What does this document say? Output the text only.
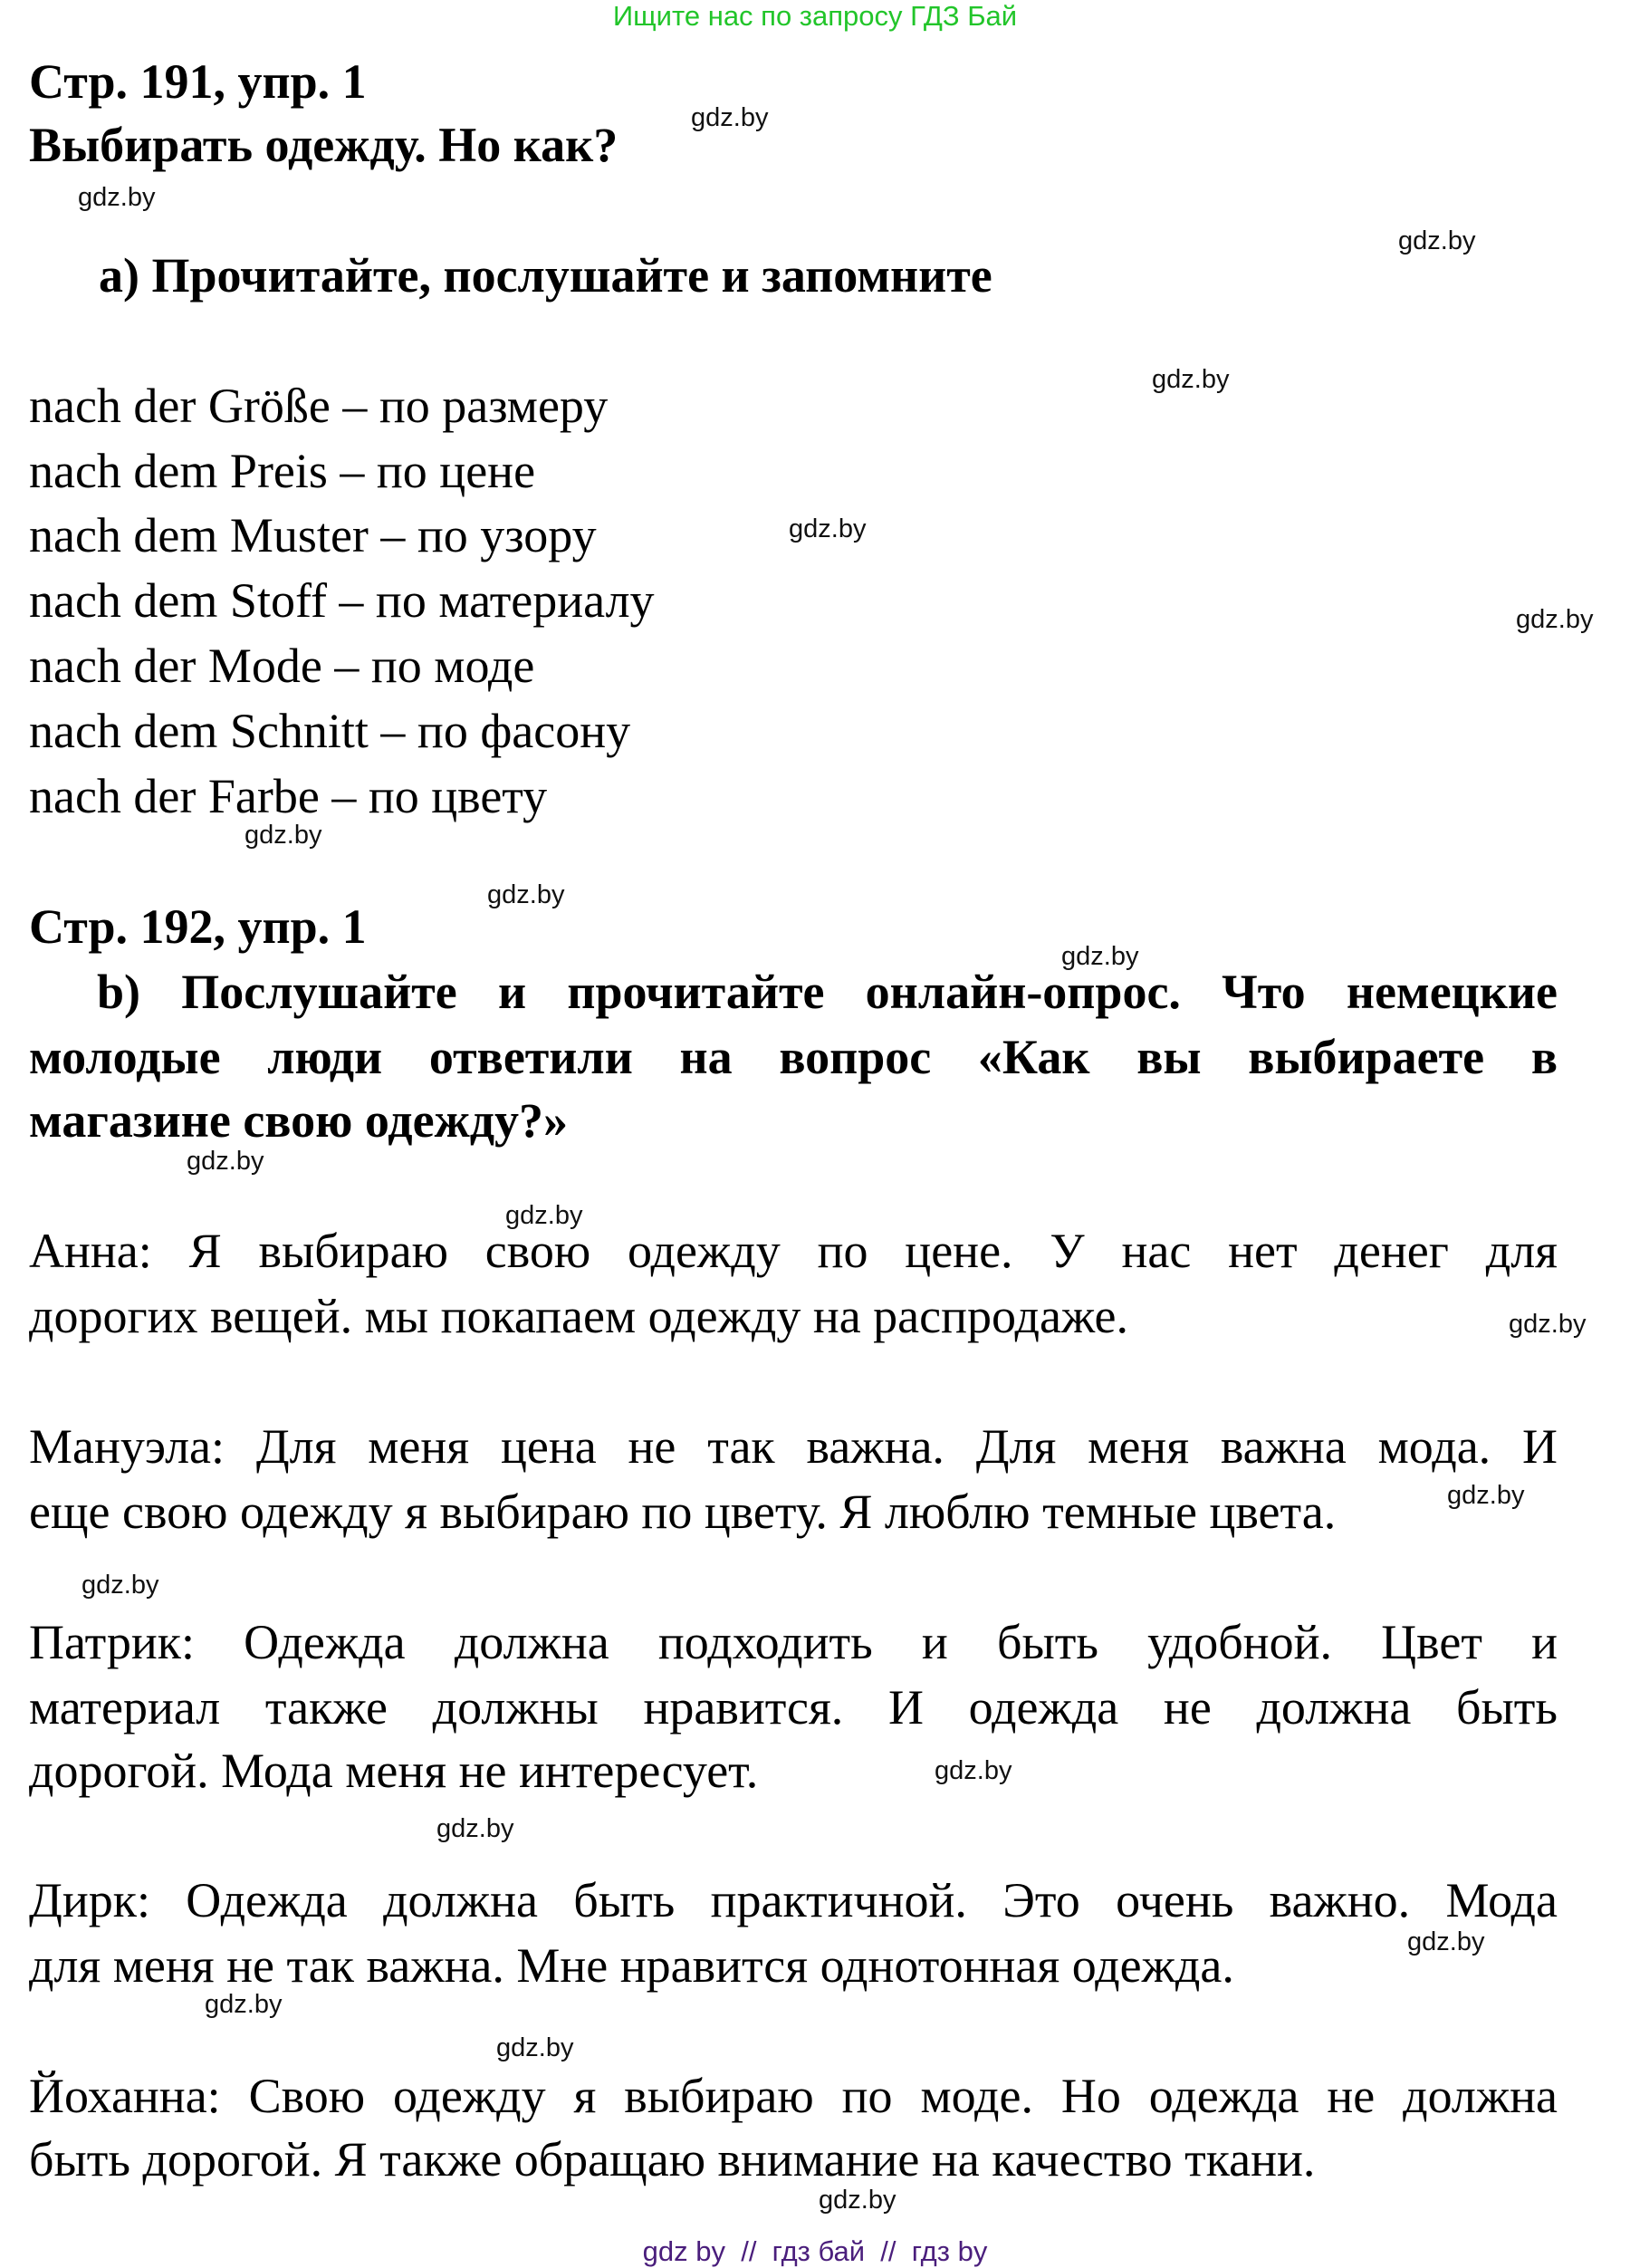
Ищите нас по запросу ГДЗ Бай
Стр. 191, упр. 1
Выбирать одежду. Но как?
а) Прочитайте, послушайте и запомните
nach der Größe – по размеру
nach dem Preis – по цене
nach dem Muster – по узору
nach dem Stoff – по материалу
nach der Mode – по моде
nach dem Schnitt – по фасону
nach der Farbe – по цвету
Стр. 192, упр. 1
b) Послушайте и прочитайте онлайн-опрос. Что немецкие
молодые люди ответили на вопрос «Как вы выбираете в
магазине свою одежду?»
Анна: Я выбираю свою одежду по цене. У нас нет денег для
дорогих вещей. мы покапаем одежду на распродаже.
Мануэла: Для меня цена не так важна. Для меня важна мода. И
еще свою одежду я выбираю по цвету. Я люблю темные цвета.
Патрик: Одежда должна подходить и быть удобной. Цвет и
материал также должны нравится. И одежда не должна быть
дорогой. Мода меня не интересует.
Дирк: Одежда должна быть практичной. Это очень важно. Мода
для меня не так важна. Мне нравится однотонная одежда.
Йоханна: Свою одежду я выбираю по моде. Но одежда не должна
быть дорогой. Я также обращаю внимание на качество ткани.
gdz.by
gdz.by
gdz.by
gdz.by
gdz.by
gdz.by
gdz.by
gdz.by
gdz.by
gdz.by
gdz.by
gdz.by
gdz.by
gdz.by
gdz.by
gdz.by
gdz.by
gdz.by
gdz.by
gdz.by
gdz by  //  гдз бай  //  гдз by
